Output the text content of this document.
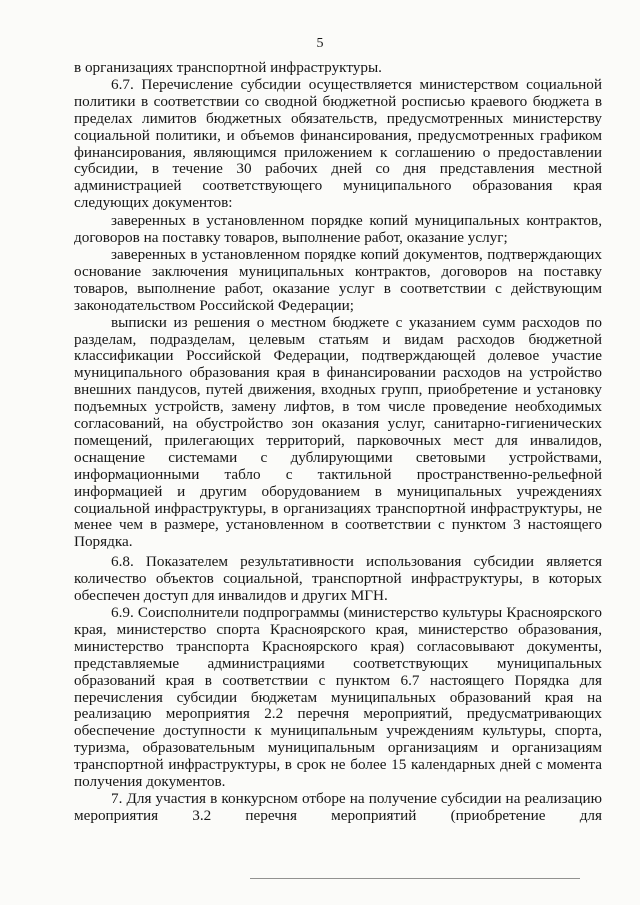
5

в организациях транспортной инфраструктуры.

6.7. Перечисление субсидии осуществляется министерством социальной политики в соответствии со сводной бюджетной росписью краевого бюджета в пределах лимитов бюджетных обязательств, предусмотренных министерству социальной политики, и объемов финансирования, предусмотренных графиком финансирования, являющимся приложением к соглашению о предоставлении субсидии, в течение 30 рабочих дней со дня представления местной администрацией соответствующего муниципального образования края следующих документов:

заверенных в установленном порядке копий муниципальных контрактов, договоров на поставку товаров, выполнение работ, оказание услуг;

заверенных в установленном порядке копий документов, подтверждающих основание заключения муниципальных контрактов, договоров на поставку товаров, выполнение работ, оказание услуг в соответствии с действующим законодательством Российской Федерации;

выписки из решения о местном бюджете с указанием сумм расходов по разделам, подразделам, целевым статьям и видам расходов бюджетной классификации Российской Федерации, подтверждающей долевое участие муниципального образования края в финансировании расходов на устройство внешних пандусов, путей движения, входных групп, приобретение и установку подъемных устройств, замену лифтов, в том числе проведение необходимых согласований, на обустройство зон оказания услуг, санитарно-гигиенических помещений, прилегающих территорий, парковочных мест для инвалидов, оснащение системами с дублирующими световыми устройствами, информационными табло с тактильной пространственно-рельефной информацией и другим оборудованием в муниципальных учреждениях социальной инфраструктуры, в организациях транспортной инфраструктуры, не менее чем в размере, установленном в соответствии с пунктом 3 настоящего Порядка.

6.8. Показателем результативности использования субсидии является количество объектов социальной, транспортной инфраструктуры, в которых обеспечен доступ для инвалидов и других МГН.

6.9. Соисполнители подпрограммы (министерство культуры Красноярского края, министерство спорта Красноярского края, министерство образования, министерство транспорта Красноярского края) согласовывают документы, представляемые администрациями соответствующих муниципальных образований края в соответствии с пунктом 6.7 настоящего Порядка для перечисления субсидии бюджетам муниципальных образований края на реализацию мероприятия 2.2 перечня мероприятий, предусматривающих обеспечение доступности к муниципальным учреждениям культуры, спорта, туризма, образовательным муниципальным организациям и организациям транспортной инфраструктуры, в срок не более 15 календарных дней с момента получения документов.

7. Для участия в конкурсном отборе на получение субсидии на реализацию мероприятия 3.2 перечня мероприятий (приобретение для
